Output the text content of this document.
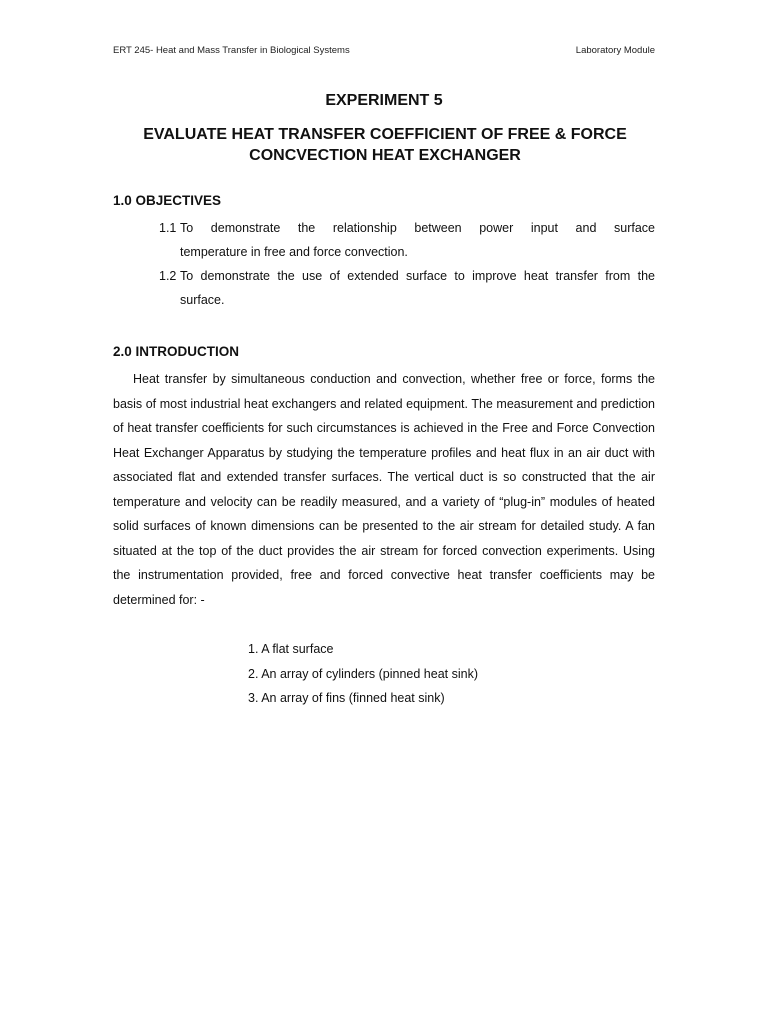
ERT 245- Heat and Mass Transfer in Biological Systems	Laboratory Module
EXPERIMENT 5
EVALUATE HEAT TRANSFER COEFFICIENT OF FREE & FORCE CONCVECTION HEAT EXCHANGER
1.0 OBJECTIVES
1.1 To demonstrate the relationship between power input and surface
temperature in free and force convection.
1.2 To demonstrate the use of extended surface to improve heat transfer from the
surface.
2.0 INTRODUCTION

Heat transfer by simultaneous conduction and convection, whether free or force, forms the basis of most industrial heat exchangers and related equipment. The measurement and prediction of heat transfer coefficients for such circumstances is achieved in the Free and Force Convection Heat Exchanger Apparatus by studying the temperature profiles and heat flux in an air duct with associated flat and extended transfer surfaces. The vertical duct is so constructed that the air temperature and velocity can be readily measured, and a variety of “plug-in” modules of heated solid surfaces of known dimensions can be presented to the air stream for detailed study. A fan situated at the top of the duct provides the air stream for forced convection experiments. Using the instrumentation provided, free and forced convective heat transfer coefficients may be determined for: -

1. A flat surface
2. An array of cylinders (pinned heat sink)
3. An array of fins (finned heat sink)
